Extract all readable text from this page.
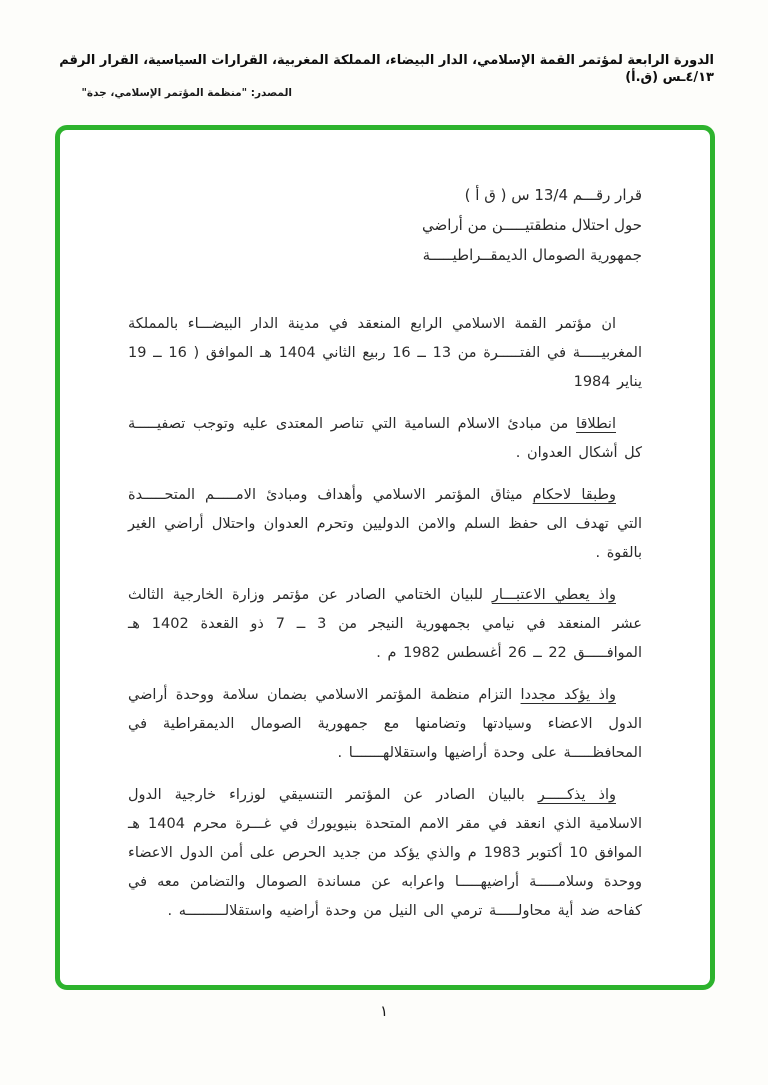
الدورة الرابعة لمؤتمر القمة الإسلامي، الدار البيضاء، المملكة المغربية، القرارات السياسية، القرار الرقم ٤/١٣ـس (ق.أ)
المصدر: "منظمة المؤتمر الإسلامي، جدة"
قرار رقـــم 13/4 س ( ق أ )
حول احتلال منطقتيـــــن من أراضي
جمهورية الصومال الديمقــراطيـــــة

ان مؤتمر القمة الاسلامي الرابع المنعقد في مدينة الدار البيضـــاء بالمملكة المغربيـــــة في الفتـــــرة من 13 ــ 16 ربيع الثاني 1404 هـ الموافق ( 16 ــ 19 يناير 1984

انطلاقا من مبادئ الاسلام السامية التي تناصر المعتدى عليه وتوجب تصفيـــــة كل أشكال العدوان .

وطبقا لاحكام ميثاق المؤتمر الاسلامي وأهداف ومبادئ الامـــــم المتحـــــدة التي تهدف الى حفظ السلم والامن الدوليين وتحرم العدوان واحتلال أراضي الغير بالقوة .

واذ يعطي الاعتبـــار للبيان الختامي الصادر عن مؤتمر وزارة الخارجية الثالث عشر المنعقد في نيامي بجمهورية النيجر من 3 ــ 7 ذو القعدة 1402 هـ الموافـــــق 22 ــ 26 أغسطس 1982 م .

واذ يؤكد مجددا التزام منظمة المؤتمر الاسلامي بضمان سلامة ووحدة أراضي الدول الاعضاء وسيادتها وتضامنها مع جمهورية الصومال الديمقراطية في المحافظـــــة على وحدة أراضيها واستقلالهـــــــا .

واذ يذكـــــر بالبيان الصادر عن المؤتمر التنسيقي لوزراء خارجية الدول الاسلامية الذي انعقد في مقر الامم المتحدة بنيويورك في غـــرة محرم 1404 هـ الموافق 10 أكتوبر 1983 م والذي يؤكد من جديد الحرص على أمن الدول الاعضاء ووحدة وسلامـــــة أراضيهـــــا واعرابه عن مساندة الصومال والتضامن معه في كفاحه ضد أية محاولـــــة ترمي الى النيل من وحدة أراضيه واستقلالـــــــــه .

١
